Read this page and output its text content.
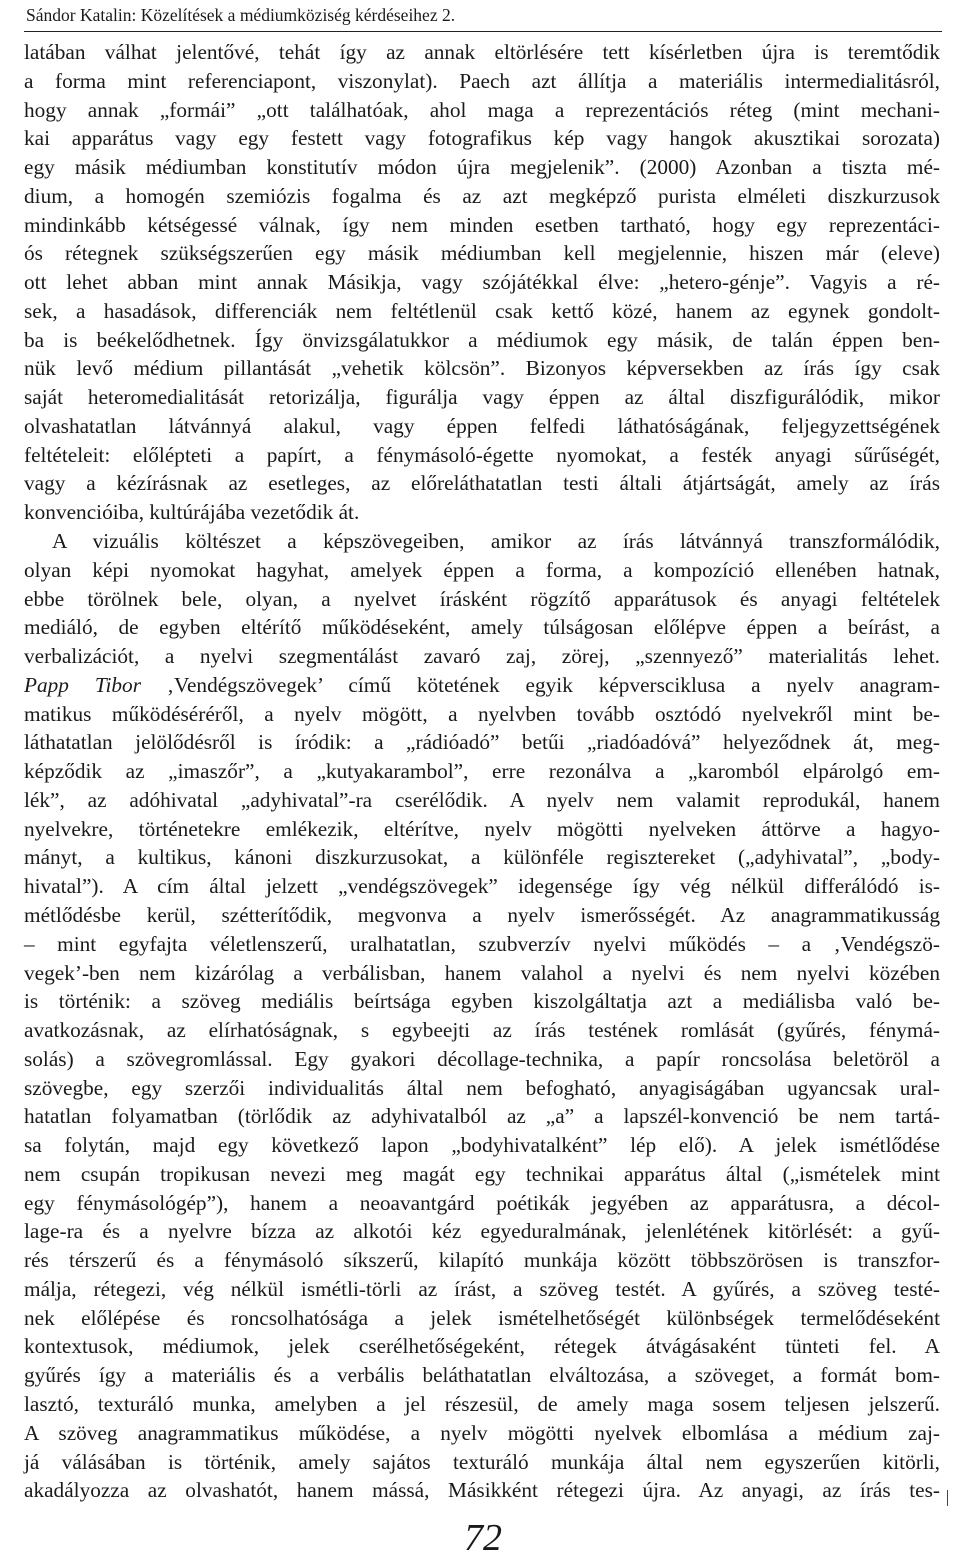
Sándor Katalin: Közelítések a médiumköziség kérdéseihez 2.
latában válhat jelentővé, tehát így az annak eltörlésére tett kísérletben újra is teremtődik
a forma mint referenciapont, viszonylat). Paech azt állítja a materiális intermedialitásról,
hogy annak „formái” „ott találhatóak, ahol maga a reprezentációs réteg (mint mechani-
kai apparátus vagy egy festett vagy fotografikus kép vagy hangok akusztikai sorozata)
egy másik médiumban konstitutív módon újra megjelenik”. (2000) Azonban a tiszta mé-
dium, a homogén szemiózis fogalma és az azt megképző purista elméleti diszkurzusok
mindinkább kétségessé válnak, így nem minden esetben tartható, hogy egy reprezentáci-
ós rétegnek szükségszerűen egy másik médiumban kell megjelennie, hiszen már (eleve)
ott lehet abban mint annak Másikja, vagy szójátékkal élve: „hetero-génje”. Vagyis a ré-
sek, a hasadások, differenciák nem feltétlenül csak kettő közé, hanem az egynek gondolt-
ba is beékelődhetnek. Így önvizsgálatukkor a médiumok egy másik, de talán éppen ben-
nük levő médium pillantását „vehetik kölcsön”. Bizonyos képversekben az írás így csak
saját heteromedialitását retorizálja, figurálja vagy éppen az által diszfigurálódik, mikor
olvashatatlan látvánnyá alakul, vagy éppen felfedi láthatóságának, feljegyzettségének
feltételeit: előlépteti a papírt, a fénymásoló-égette nyomokat, a festék anyagi sűrűségét,
vagy a kézírásnak az esetleges, az előreláthatatlan testi általi átjártságát, amely az írás
konvencióiba, kultúrájába vezetődik át.
A vizuális költészet a képszövegeiben, amikor az írás látvánnyá transzformálódik,
olyan képi nyomokat hagyhat, amelyek éppen a forma, a kompozíció ellenében hatnak,
ebbe törölnek bele, olyan, a nyelvet írásként rögzítő apparátusok és anyagi feltételek
mediáló, de egyben eltérítő működéseként, amely túlságosan előlépve éppen a beírást, a
verbalizációt, a nyelvi szegmentálást zavaró zaj, zörej, „szennyező” materialitás lehet.
Papp Tibor ‚Vendégszövegek’ című kötetének egyik képversciklusa a nyelv anagram-
matikus működéséréről, a nyelv mögött, a nyelvben tovább osztódó nyelvekről mint be-
láthatatlan jelölődésről is íródik: a „rádióadó” betűi „riadóadóvá” helyeződnek át, meg-
képződik az „imaszőr”, a „kutyakarambol”, erre rezonálva a „karomból elpárolgó em-
lék”, az adóhivatal „adyhivatal”-ra cserélődik. A nyelv nem valamit reprodukál, hanem
nyelvekre, történetekre emlékezik, eltérítve, nyelv mögötti nyelveken áttörve a hagyo-
mányt, a kultikus, kánoni diszkurzusokat, a különféle regisztereket („adyhivatal”, „body-
hivatal”). A cím által jelzett „vendégszövegek” idegensége így vég nélkül differálódó is-
métlődésbe kerül, szétterítődik, megvonva a nyelv ismerősségét. Az anagrammatikusság
– mint egyfajta véletlenszerű, uralhatatlan, szubverzív nyelvi működés – a ‚Vendégszö-
vegek’-ben nem kizárólag a verbálisban, hanem valahol a nyelvi és nem nyelvi közében
is történik: a szöveg mediális beírtsága egyben kiszolgáltatja azt a mediálisba való be-
avatkozásnak, az elírhatóságnak, s egybeejti az írás testének romlását (gyűrés, fénymá-
solás) a szövegromlással. Egy gyakori décollage-technika, a papír roncsolása beletöröl a
szövegbe, egy szerzői individualitás által nem befogható, anyagiságában ugyancsak ural-
hatatlan folyamatban (törlődik az adyhivatalból az „a” a lapszél-konvenció be nem tartá-
sa folytán, majd egy következő lapon „bodyhivatalként” lép elő). A jelek ismétlődése
nem csupán tropikusan nevezi meg magát egy technikai apparátus által („ismételek mint
egy fénymásológép”), hanem a neoavantgárd poétikák jegyében az apparátusra, a décol-
lage-ra és a nyelvre bízza az alkotói kéz egyeduralmának, jelenlétének kitörlését: a gyű-
rés térszerű és a fénymásoló síkszerű, kilapító munkája között többszörösen is transzfor-
málja, rétegezi, vég nélkül ismétli-törli az írást, a szöveg testét. A gyűrés, a szöveg testé-
nek előlépése és roncsolhatósága a jelek ismételhetőségét különbségek termelődéseként
kontextusok, médiumok, jelek cserélhetőségeként, rétegek átvágásaként tünteti fel. A
gyűrés így a materiális és a verbális beláthatatlan elváltozása, a szöveget, a formát bom-
lasztó, texturáló munka, amelyben a jel részesül, de amely maga sosem teljesen jelszerű.
A szöveg anagrammatikus működése, a nyelv mögötti nyelvek elbomlása a médium zaj-
já válásában is történik, amely sajátos texturáló munkája által nem egyszerűen kitörli,
akadályozza az olvashatót, hanem mássá, Másikként rétegezi újra. Az anyagi, az írás tes-
72
